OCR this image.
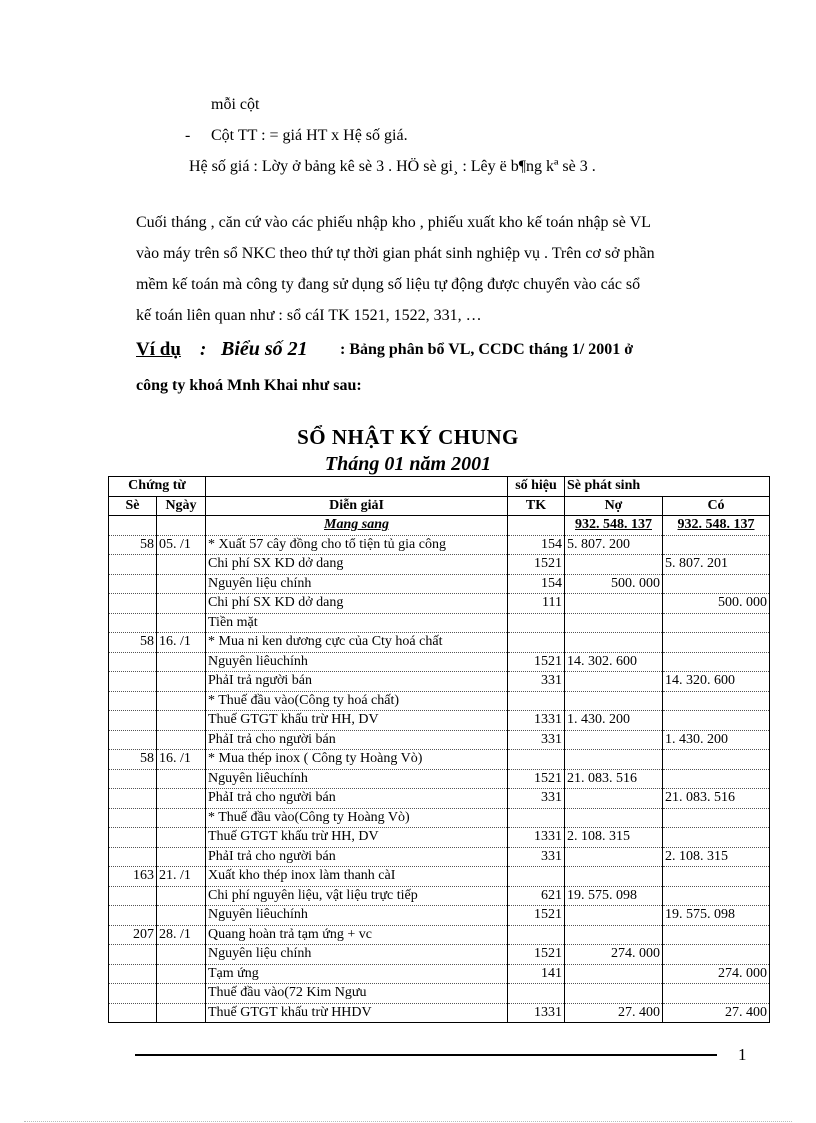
mỗi cột
- Cột TT : = giá HT x Hệ số giá.
Hệ số giá : Lờy ở bảng kê sè 3 . HÖ sè gi¸ : Lêy ë b¶ng kª sè 3 .
Cuối tháng , căn cứ vào các phiếu nhập kho , phiếu xuất kho kế toán nhập sè VL
vào máy trên sổ NKC theo thứ tự thời gian phát sinh nghiệp vụ . Trên cơ sở phần
mềm kế toán mà công ty đang sử dụng số liệu tự động được chuyển vào các sổ
kế toán liên quan như : sổ cáI TK 1521, 1522, 331, …
Ví dụ : Biểu số 21 : Bảng phân bổ VL, CCDC tháng 1/ 2001 ở
công ty khoá Mnh Khai như sau:
SỔ NHẬT KÝ CHUNG
Tháng 01 năm 2001
Chứng từ			số hiệu	Sè phát sinh	
Sè	Ngày	Diễn giảI	TK	Nợ	Có
		Mang sang		932. 548. 137	932. 548. 137
58	05. /1	* Xuất 57 cây đồng cho tổ tiện tủ gia công	154	5. 807. 200	
		Chi phí SX KD dở dang	1521		5. 807. 201
		Nguyên liệu chính	154	500. 000	
		Chi phí SX KD dở dang	111		500. 000
		Tiền mặt			
58	16. /1	* Mua ni ken dương cực của Cty hoá chất			
		Nguyên liêuchính	1521	14. 302. 600	
		PhảI trả người bán	331		14. 320. 600
		* Thuế đầu vào(Công ty hoá chất)			
		Thuế GTGT khấu trừ HH, DV	1331	1. 430. 200	
		PhảI trả cho người bán	331		1. 430. 200
58	16. /1	* Mua thép inox ( Công ty Hoàng Vò)			
		Nguyên liêuchính	1521	21. 083. 516	
		PhảI trả cho người bán	331		21. 083. 516
		* Thuế đầu vào(Công ty Hoàng Vò)			
		Thuế GTGT khấu trừ HH, DV	1331	2. 108. 315	
		PhảI trả cho người bán	331		2. 108. 315
163	21. /1	Xuất kho thép inox làm thanh càI			
		Chi phí nguyên liệu, vật liệu trực tiếp	621	19. 575. 098	
		Nguyên liêuchính	1521		19. 575. 098
207	28. /1	Quang hoàn trả tạm ứng + vc			
		Nguyên liệu chính	1521	274. 000	
		Tạm ứng	141		274. 000
		Thuế đầu vào(72 Kim Ngưu			
		Thuế GTGT khấu trừ HHDV	1331	27. 400	27. 400
1
